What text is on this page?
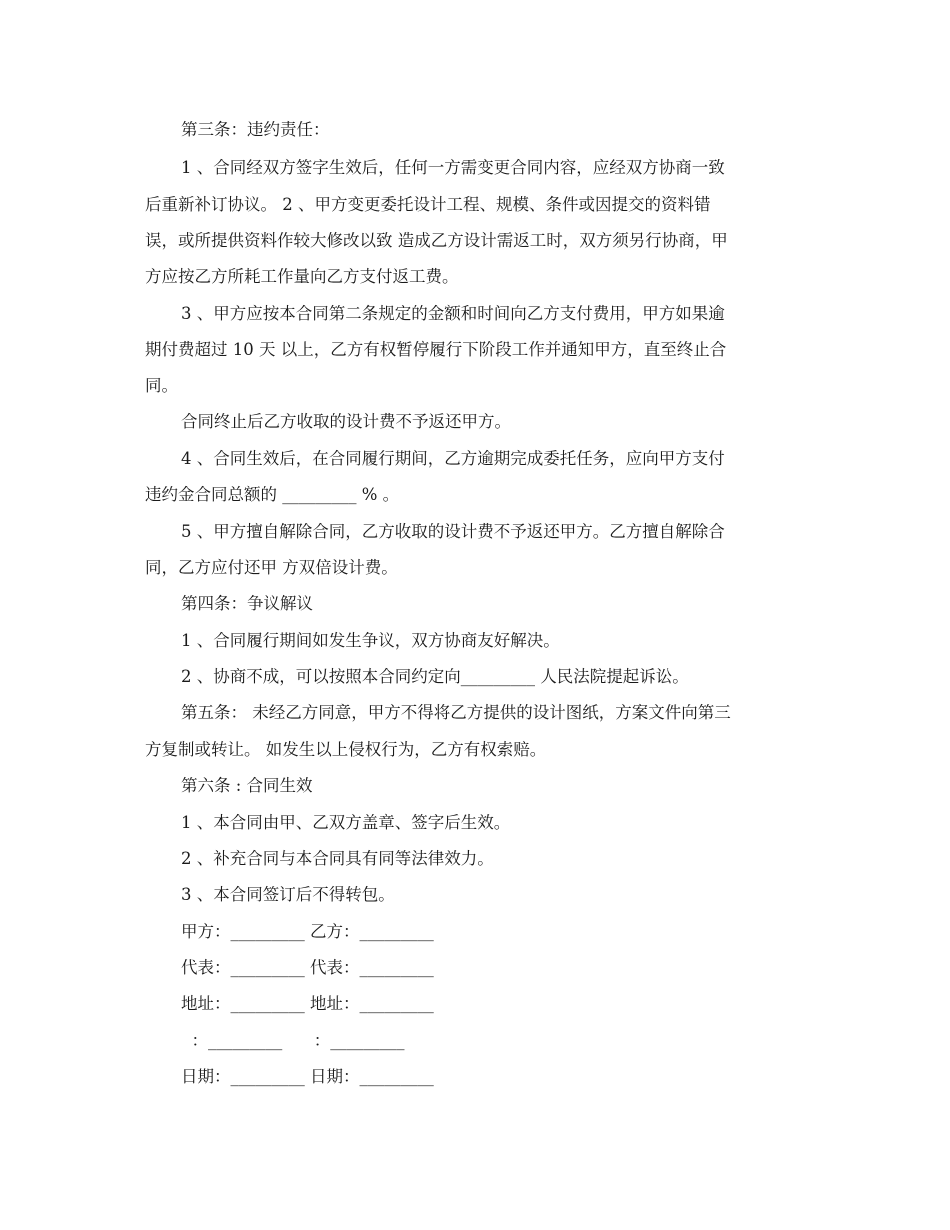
第三条：违约责任：
1 、合同经双方签字生效后，任何一方需变更合同内容，应经双方协商一致
后重新补订协议。 2 、甲方变更委托设计工程、规模、条件或因提交的资料错
误，或所提供资料作较大修改以致 造成乙方设计需返工时，双方须另行协商，甲
方应按乙方所耗工作量向乙方支付返工费。
3 、甲方应按本合同第二条规定的金额和时间向乙方支付费用，甲方如果逾
期付费超过 10 天 以上，乙方有权暂停履行下阶段工作并通知甲方，直至终止合
同。
合同终止后乙方收取的设计费不予返还甲方。
4 、合同生效后，在合同履行期间，乙方逾期完成委托任务，应向甲方支付
违约金合同总额的 _________ % 。
5 、甲方擅自解除合同，乙方收取的设计费不予返还甲方。乙方擅自解除合
同，乙方应付还甲 方双倍设计费。
第四条：争议解议
1 、合同履行期间如发生争议，双方协商友好解决。
2 、协商不成，可以按照本合同约定向_________ 人民法院提起诉讼。
第五条： 未经乙方同意，甲方不得将乙方提供的设计图纸，方案文件向第三
方复制或转让。 如发生以上侵权行为，乙方有权索赔。
第六条 : 合同生效
1 、本合同由甲、乙双方盖章、签字后生效。
2 、补充合同与本合同具有同等法律效力。
3 、本合同签订后不得转包。
甲方：_________ 乙方：_________
代表：_________ 代表：_________
地址：_________ 地址：_________
：_________      ：_________
日期：_________ 日期：_________
